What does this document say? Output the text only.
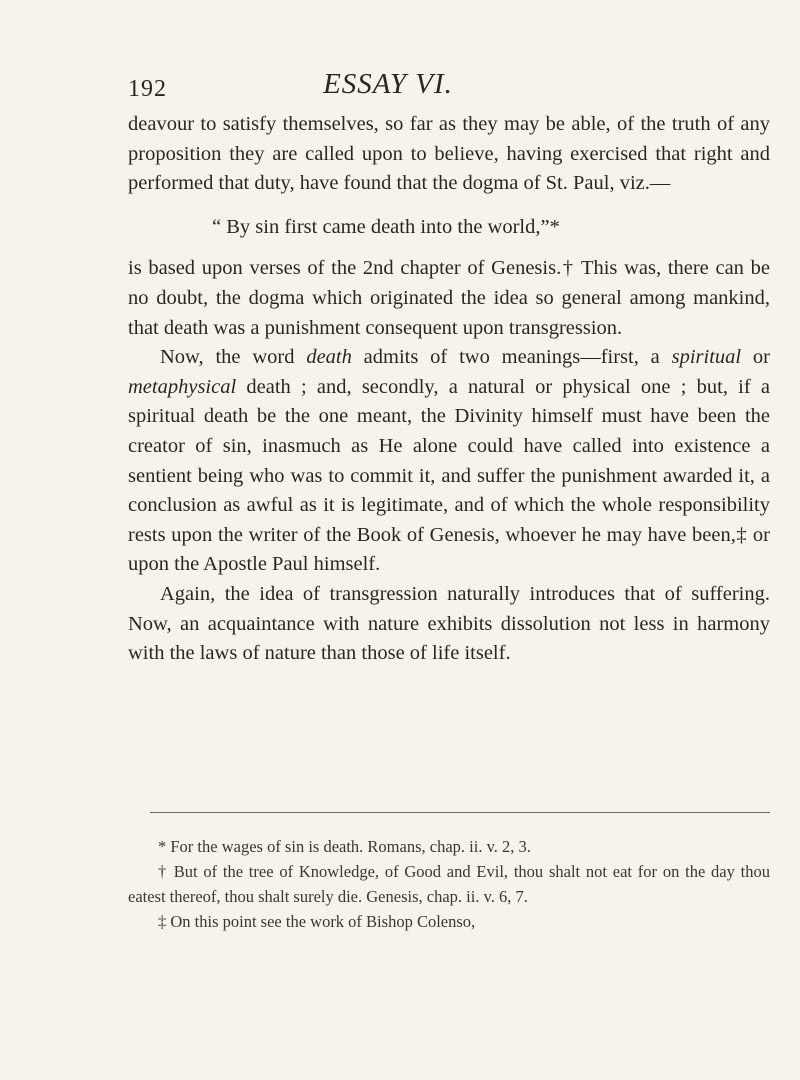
192	ESSAY VI.

deavour to satisfy themselves, so far as they may be able, of the truth of any proposition they are called upon to believe, having exercised that right and performed that duty, have found that the dogma of St. Paul, viz.—

“ By sin first came death into the world,”*

is based upon verses of the 2nd chapter of Genesis.† This was, there can be no doubt, the dogma which originated the idea so general among mankind, that death was a punishment consequent upon transgression.

Now, the word death admits of two meanings—first, a spiritual or metaphysical death ; and, secondly, a natural or physical one ; but, if a spiritual death be the one meant, the Divinity himself must have been the creator of sin, inasmuch as He alone could have called into existence a sentient being who was to commit it, and suffer the punishment awarded it, a conclusion as awful as it is legitimate, and of which the whole responsibility rests upon the writer of the Book of Genesis, whoever he may have been,‡ or upon the Apostle Paul himself.

Again, the idea of transgression naturally introduces that of suffering. Now, an acquaintance with nature exhibits dissolution not less in harmony with the laws of nature than those of life itself.

* For the wages of sin is death. Romans, chap. ii. v. 2, 3.

† But of the tree of Knowledge, of Good and Evil, thou shalt not eat for on the day thou eatest thereof, thou shalt surely die. Genesis, chap. ii. v. 6, 7.

‡ On this point see the work of Bishop Colenso,
